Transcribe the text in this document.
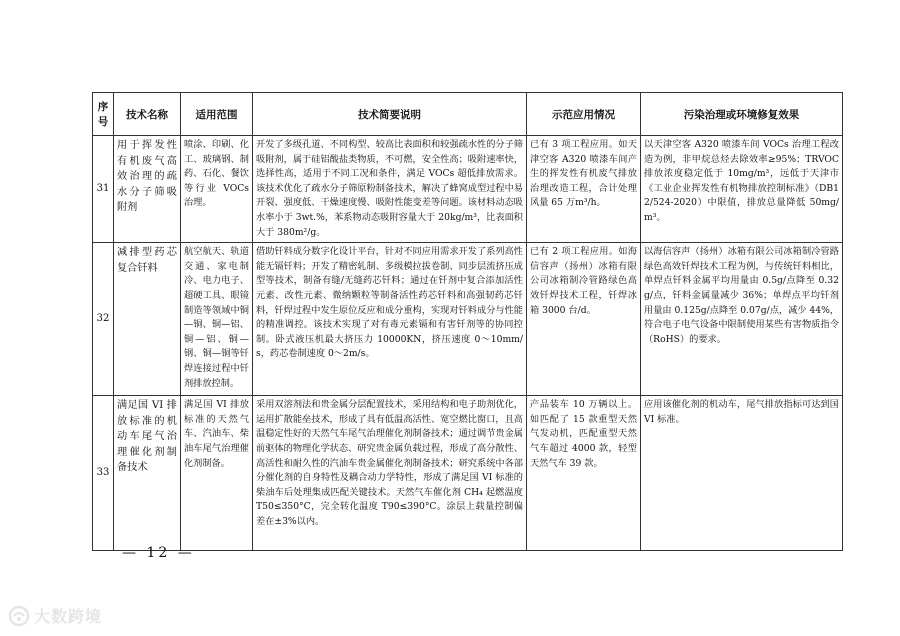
序号	技术名称	适用范围	技术简要说明	示范应用情况	污染治理或环境修复效果
31	用于挥发性有机废气高效治理的疏水分子筛吸附剂	喷涂、印刷、化工、玻璃钢、制药、石化、餐饮等行业 VOCs 治理。	开发了多级孔道、不同构型、较高比表面积和较强疏水性的分子筛吸附剂，属于硅铝酸盐类物质，不可燃，安全性高；吸附速率快，选择性高，适用于不同工况和条件，满足 VOCs 超低排放需求。该技术优化了疏水分子筛原粉制备技术，解决了蜂窝成型过程中易开裂、强度低、干燥速度慢、吸附性能变差等问题。该材料动态吸水率小于 3wt.%，苯系物动态吸附容量大于 20kg/m³，比表面积大于 380m²/g。	已有 3 项工程应用。如天津空客 A320 喷漆车间产生的挥发性有机废气排放治理改造工程，合计处理风量 65 万m³/h。	以天津空客 A320 喷漆车间 VOCs 治理工程改造为例，非甲烷总烃去除效率≥95%；TRVOC 排放浓度稳定低于 10mg/m³，远低于天津市《工业企业挥发性有机物排放控制标准》（DB12/524-2020）中限值，排放总量降低 50mg/m³。
32	减排型药芯复合钎料	航空航天、轨道交通、家电制冷、电力电子、超硬工具、眼镜制造等领域中铜—铜、铜—铝、铜—铝、铜—钢、铜—铜等钎焊连接过程中钎剂排放控制。	借助钎料成分数字化设计平台，针对不同应用需求开发了系列高性能无镉钎料；开发了精密轧制、多级模拉拔卷制、同步层流挤压成型等技术，制备有缝/无缝药芯钎料；通过在钎剂中复合添加活性元素、改性元素、微纳颗粒等制备活性药芯钎料和高强韧药芯钎料，钎焊过程中发生原位反应和成分重构，实现对钎料成分与性能的精准调控。该技术实现了对有毒元素镉和有害钎剂等的协同控制。卧式液压机最大挤压力 10000KN，挤压速度 0～10mm/s，药芯卷制速度 0～2m/s。	已有 2 项工程应用。如海信容声（扬州）冰箱有限公司冰箱制冷管路绿色高效钎焊技术工程，钎焊冰箱 3000 台/d。	以海信容声（扬州）冰箱有限公司冰箱制冷管路绿色高效钎焊技术工程为例，与传统钎料相比，单焊点钎料金属平均用量由 0.5g/点降至 0.32g/点，钎料金属量减少 36%；单焊点平均钎剂用量由 0.125g/点降至 0.07g/点，减少 44%，符合电子电气设备中限制使用某些有害物质指令（RoHS）的要求。
33	满足国 VI 排放标准的机动车尾气治理催化剂制备技术	满足国 VI 排放标准的天然气车、汽油车、柴油车尾气治理催化剂制备。	采用双溶剂法和贵金属分层配置技术，采用结构和电子助剂优化，运用扩散能垒技术，形成了具有低温高活性、宽空燃比窗口，且高温稳定性好的天然气车尾气治理催化剂制备技术；通过调节贵金属前驱体的物理化学状态、研究贵金属负载过程，形成了高分散性、高活性和耐久性的汽油车贵金属催化剂制备技术；研究系统中各部分催化剂的自身特性及耦合动力学特性，形成了满足国 VI 标准的柴油车后处理集成匹配关键技术。天然气车催化剂 CH₄ 起燃温度 T50≤350°C，完全转化温度 T90≤390°C。涂层上载量控制偏差在±3%以内。	产品装车 10 万辆以上。如匹配了 15 款重型天然气发动机，匹配重型天然气车超过 4000 款，轻型天然气车 39 款。	应用该催化剂的机动车，尾气排放指标可达到国 VI 标准。
— 12 —
大数跨境
